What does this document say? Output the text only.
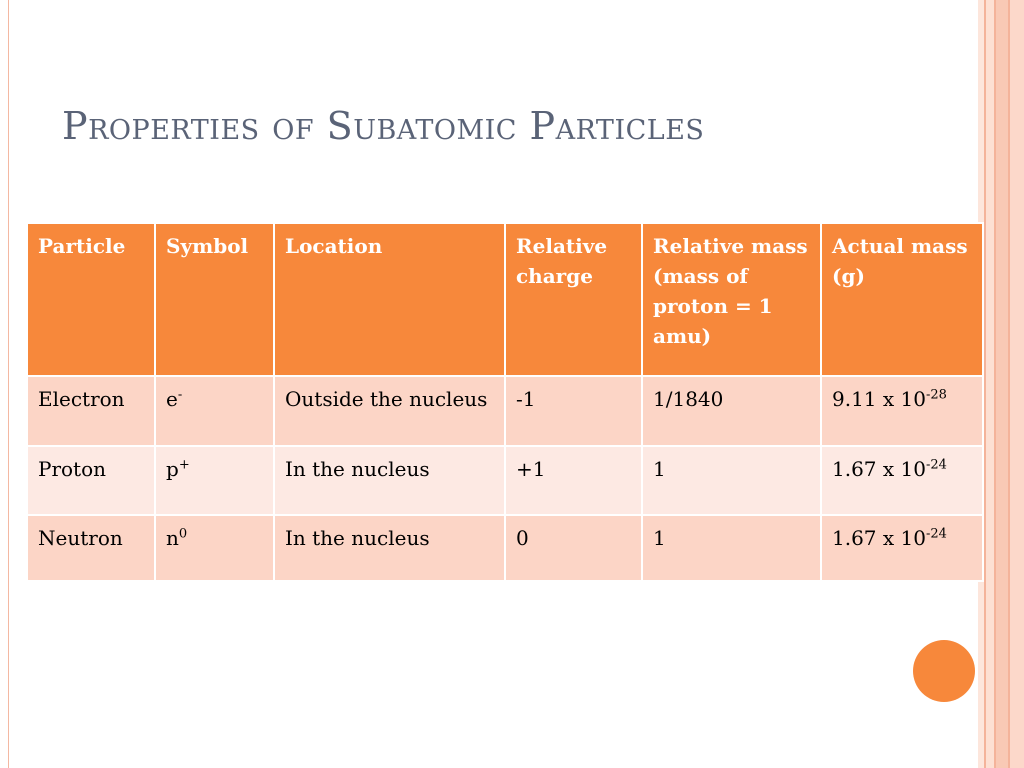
Properties of Subatomic Particles
Particle	Symbol	Location	Relative charge	Relative mass (mass of proton = 1 amu)	Actual mass (g)
Electron	e-	Outside the nucleus	-1	1/1840	9.11 x $10^{-28}$
Proton	p+	In the nucleus	+1	1	1.67 x $10^{-24}$
Neutron	$n^0$	In the nucleus	0	1	1.67 x $10^{-24}$
